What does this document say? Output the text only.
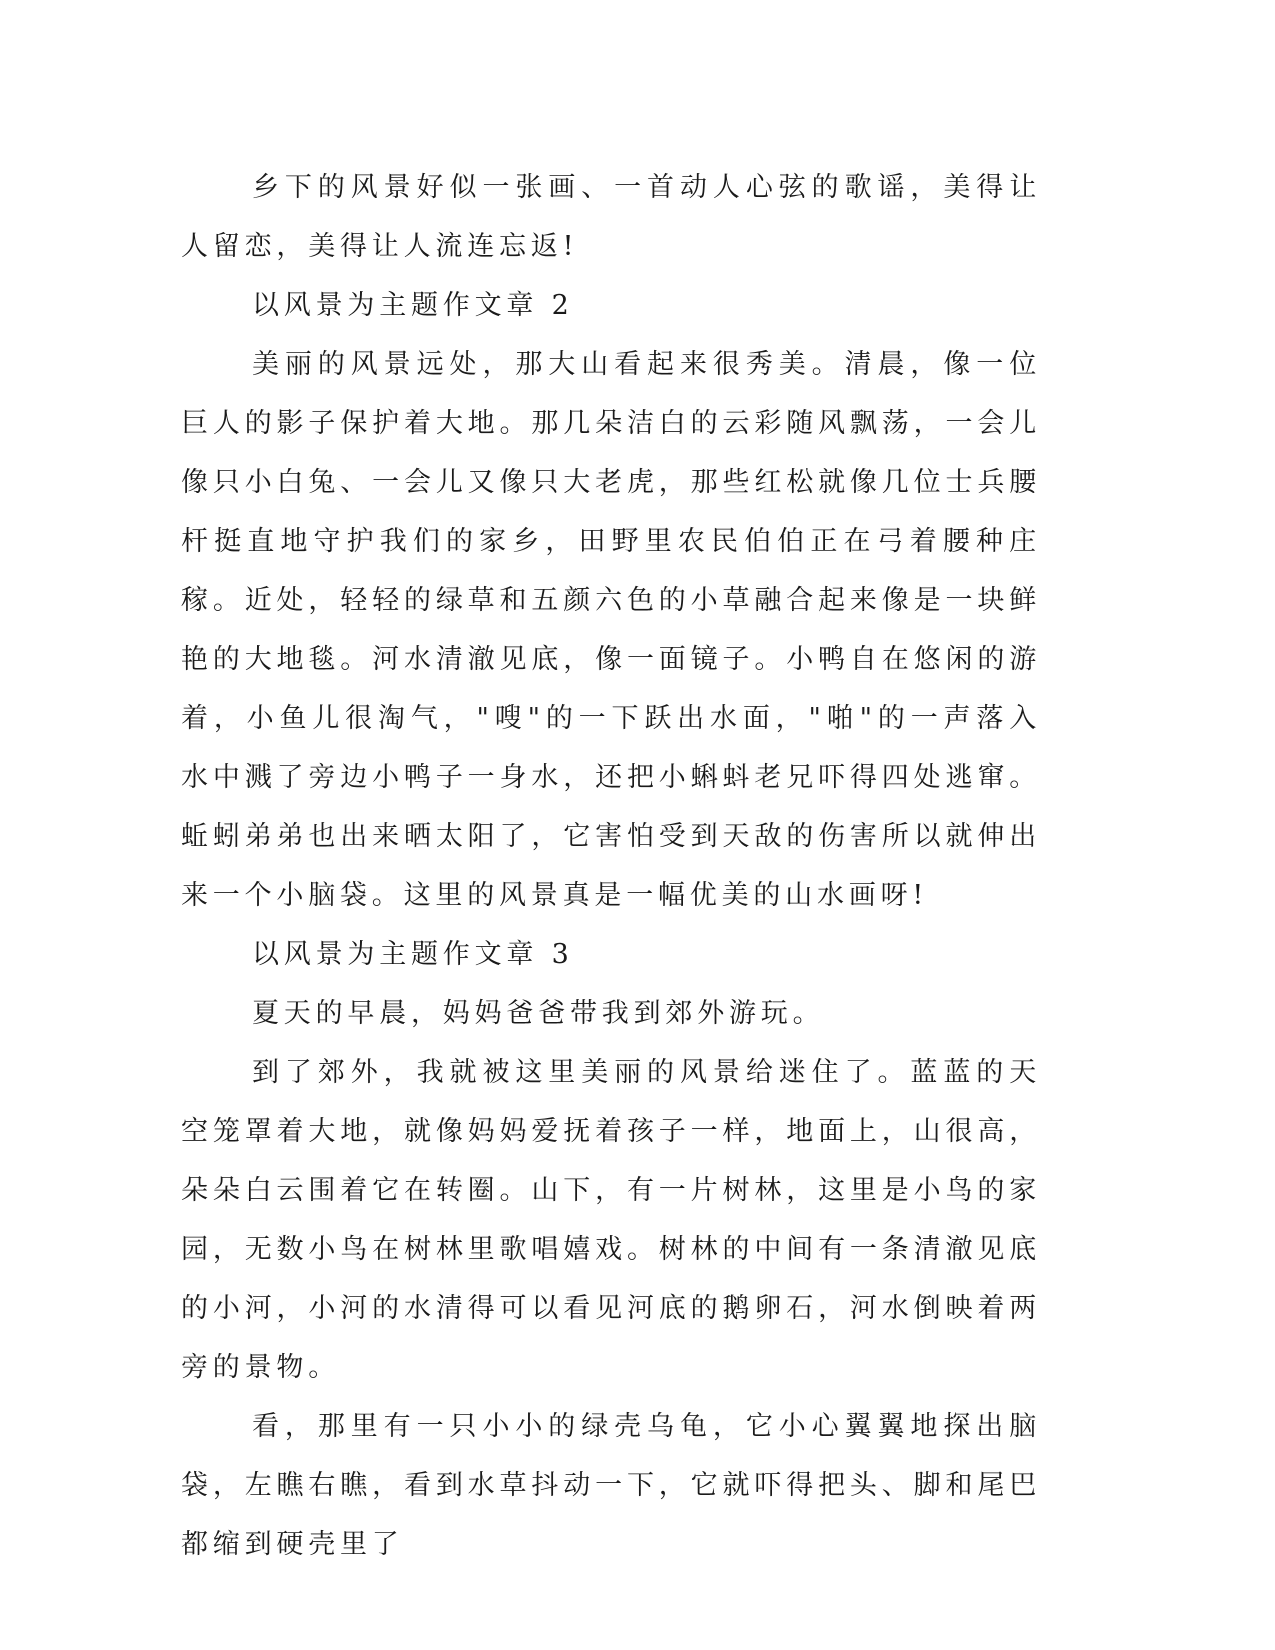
乡下的风景好似一张画、一首动人心弦的歌谣，美得让人留恋，美得让人流连忘返!

以风景为主题作文章 2

美丽的风景远处，那大山看起来很秀美。清晨，像一位巨人的影子保护着大地。那几朵洁白的云彩随风飘荡，一会儿像只小白兔、一会儿又像只大老虎，那些红松就像几位士兵腰杆挺直地守护我们的家乡，田野里农民伯伯正在弓着腰种庄稼。近处，轻轻的绿草和五颜六色的小草融合起来像是一块鲜艳的大地毯。河水清澈见底，像一面镜子。小鸭自在悠闲的游着，小鱼儿很淘气，"嗖"的一下跃出水面，"啪"的一声落入水中溅了旁边小鸭子一身水，还把小蝌蚪老兄吓得四处逃窜。蚯蚓弟弟也出来晒太阳了，它害怕受到天敌的伤害所以就伸出来一个小脑袋。这里的风景真是一幅优美的山水画呀!

以风景为主题作文章 3

夏天的早晨，妈妈爸爸带我到郊外游玩。

到了郊外，我就被这里美丽的风景给迷住了。蓝蓝的天空笼罩着大地，就像妈妈爱抚着孩子一样，地面上，山很高，朵朵白云围着它在转圈。山下，有一片树林，这里是小鸟的家园，无数小鸟在树林里歌唱嬉戏。树林的中间有一条清澈见底的小河，小河的水清得可以看见河底的鹅卵石，河水倒映着两旁的景物。

看，那里有一只小小的绿壳乌龟，它小心翼翼地探出脑袋，左瞧右瞧，看到水草抖动一下，它就吓得把头、脚和尾巴都缩到硬壳里了
